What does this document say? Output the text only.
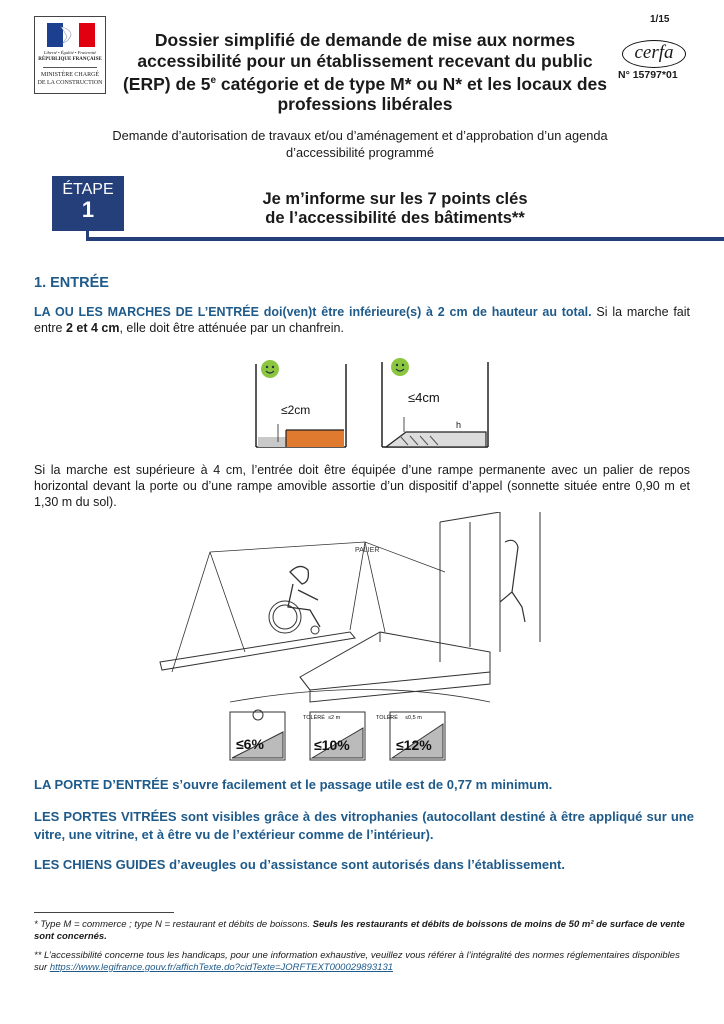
Liberté • Égalité • Fraternité
RÉPUBLIQUE FRANÇAISE
MINISTÈRE CHARGÉ
DE LA CONSTRUCTION
Dossier simplifié de demande de mise aux normes accessibilité pour un établissement recevant du public (ERP) de 5e catégorie et de type M* ou N* et les locaux des professions libérales
1/15
cerfa
N° 15797*01
Demande d’autorisation de travaux et/ou d’aménagement et d’approbation d’un agenda d’accessibilité programmé
ÉTAPE
1	Je m’informe sur les 7 points clés
de l’accessibilité des bâtiments**
1. ENTRÉE
LA OU LES MARCHES DE L’ENTRÉE doi(ven)t être inférieure(s) à 2 cm de hauteur au total. Si la marche fait entre 2 et 4 cm, elle doit être atténuée par un chanfrein.
≤2cm
≤4cm
h
Si la marche est supérieure à 4 cm, l’entrée doit être équipée d’une rampe permanente avec un palier de repos horizontal devant la porte ou d’une rampe amovible assortie d’un dispositif d’appel (sonnette située entre 0,90 m et 1,30 m du sol).
PALIER
≤6%
TOLÉRÉ ≤2 m
≤10%
TOLÉRÉ ≤0,5 m
≤12%
LA PORTE D’ENTRÉE s’ouvre facilement et le passage utile est de 0,77 m minimum.
LES PORTES VITRÉES sont visibles grâce à des vitrophanies (autocollant destiné à être appliqué sur une vitre, une vitrine, et à être vu de l’extérieur comme de l’intérieur).
LES CHIENS GUIDES d’aveugles ou d’assistance sont autorisés dans l’établissement.
* Type M = commerce ; type N = restaurant et débits de boissons. Seuls les restaurants et débits de boissons de moins de 50 m² de surface de vente sont concernés.
** L’accessibilité concerne tous les handicaps, pour une information exhaustive, veuillez vous référer à l’intégralité des normes réglementaires disponibles sur https://www.legifrance.gouv.fr/affichTexte.do?cidTexte=JORFTEXT000029893131
